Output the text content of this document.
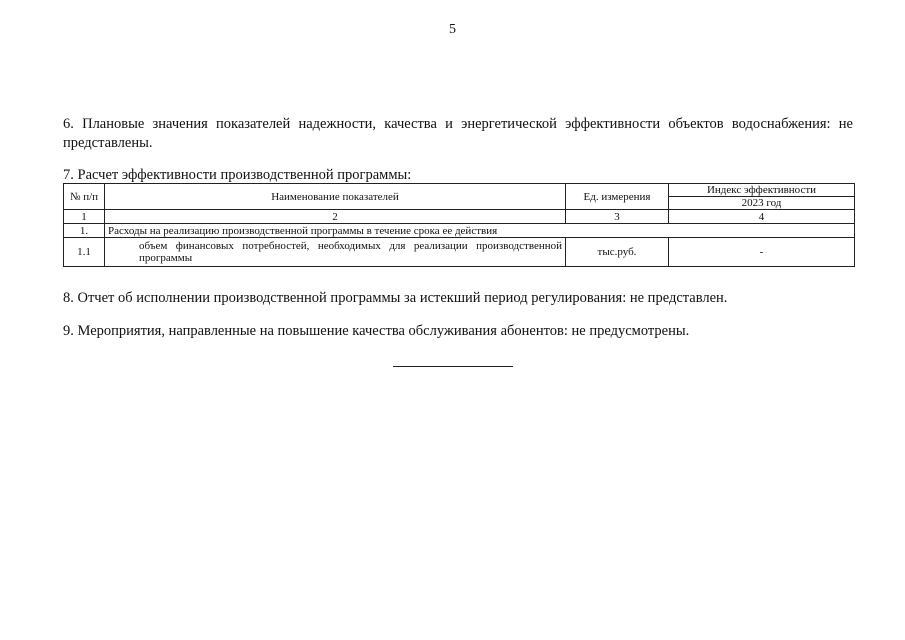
5
6. Плановые значения показателей надежности, качества и энергетической эффективности объектов водоснабжения: не представлены.
7. Расчет эффективности производственной программы:
№ п/п	Наименование показателей	Ед. измерения	Индекс эффективности
			2023 год
1	2	3	4
1.	Расходы на реализацию производственной программы в течение срока ее действия		
1.1	объем финансовых потребностей, необходимых для реализации производственной программы	тыс.руб.	-
8. Отчет об исполнении производственной программы за истекший период регулирования: не представлен.
9. Мероприятия, направленные на повышение качества обслуживания абонентов: не предусмотрены.
